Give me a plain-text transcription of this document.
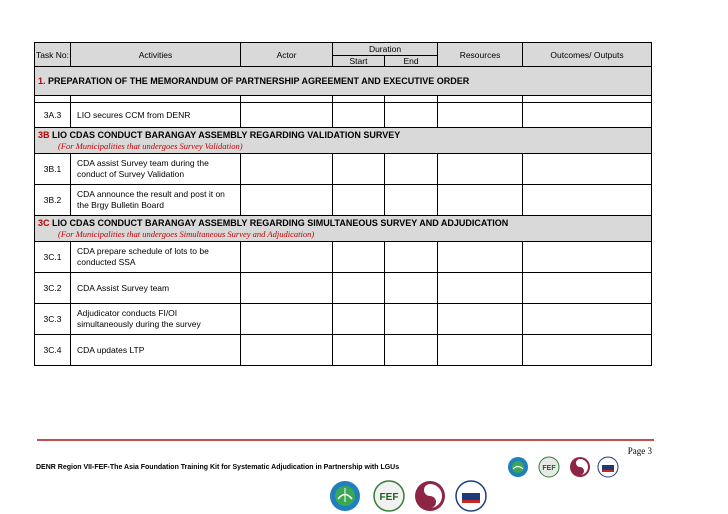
Task No:	Activities	Actor	Duration		Resources	Outcomes/ Outputs
			Start	End		
1. PREPARATION OF THE MEMORANDUM OF PARTNERSHIP AGREEMENT AND EXECUTIVE ORDER						

3A.3	LIO secures CCM from DENR					
3B LIO CDAS CONDUCT BARANGAY ASSEMBLY REGARDING VALIDATION SURVEY
(For Municipalities that undergoes Survey Validation)						

3B.1	CDA assist Survey team during the conduct of Survey Validation					
3B.2	CDA announce the result and post it on the Brgy Bulletin Board					
3C LIO CDAS CONDUCT BARANGAY ASSEMBLY REGARDING SIMULTANEOUS SURVEY AND ADJUDICATION
(For Municipalities that undergoes Simultaneous Survey and Adjudication)						

3C.1	CDA prepare schedule of lots to be conducted SSA					
3C.2	CDA Assist Survey team					
3C.3	Adjudicator conducts FI/OI simultaneously during the survey					
3C.4	CDA updates LTP					
Page 3
DENR Region VII-FEF-The Asia Foundation Training Kit for Systematic Adjudication in Partnership with LGUs	FEF
FEF
